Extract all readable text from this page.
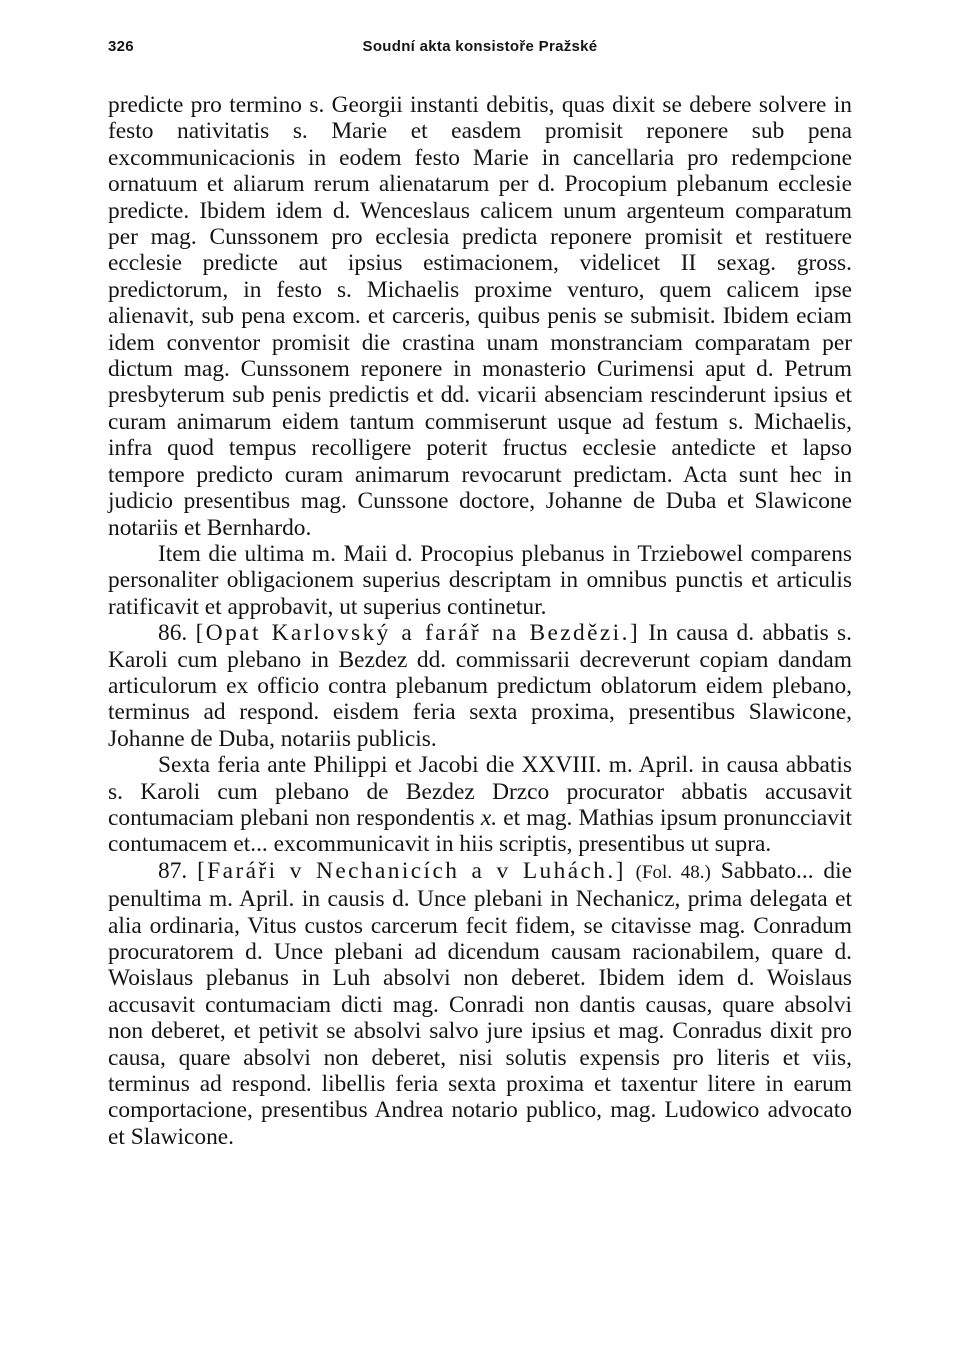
326	Soudní akta konsistoře Pražské

predicte pro termino s. Georgii instanti debitis, quas dixit se debere solvere in festo nativitatis s. Marie et easdem promisit reponere sub pena excommunicacionis in eodem festo Marie in cancellaria pro redempcione ornatuum et aliarum rerum alienatarum per d. Procopium plebanum ecclesie predicte. Ibidem idem d. Wenceslaus calicem unum argenteum comparatum per mag. Cunssonem pro ecclesia predicta reponere promisit et restituere ecclesie predicte aut ipsius estimacionem, videlicet II sexag. gross. predictorum, in festo s. Michaelis proxime venturo, quem calicem ipse alienavit, sub pena excom. et carceris, quibus penis se submisit. Ibidem eciam idem conventor promisit die crastina unam monstranciam comparatam per dictum mag. Cunssonem reponere in monasterio Curimensi aput d. Petrum presbyterum sub penis predictis et dd. vicarii absenciam rescinderunt ipsius et curam animarum eidem tantum commiserunt usque ad festum s. Michaelis, infra quod tempus recolligere poterit fructus ecclesie antedicte et lapso tempore predicto curam animarum revocarunt predictam. Acta sunt hec in judicio presentibus mag. Cunssone doctore, Johanne de Duba et Slawicone notariis et Bernhardo.

Item die ultima m. Maii d. Procopius plebanus in Trziebowel comparens personaliter obligacionem superius descriptam in omnibus punctis et articulis ratificavit et approbavit, ut superius continetur.

86. [Opat Karlovský a farář na Bezdězi.] In causa d. abbatis s. Karoli cum plebano in Bezdez dd. commissarii decreverunt copiam dandam articulorum ex officio contra plebanum predictum oblatorum eidem plebano, terminus ad respond. eisdem feria sexta proxima, presentibus Slawicone, Johanne de Duba, notariis publicis.

Sexta feria ante Philippi et Jacobi die XXVIII. m. April. in causa abbatis s. Karoli cum plebano de Bezdez Drzco procurator abbatis accusavit contumaciam plebani non respondentis x. et mag. Mathias ipsum pronuncciavit contumacem et... excommunicavit in hiis scriptis, presentibus ut supra.

87. [Faráři v Nechanicích a v Luhách.] (Fol. 48.) Sabbato... die penultima m. April. in causis d. Unce plebani in Nechanicz, prima delegata et alia ordinaria, Vitus custos carcerum fecit fidem, se citavisse mag. Conradum procuratorem d. Unce plebani ad dicendum causam racionabilem, quare d. Woislaus plebanus in Luh absolvi non deberet. Ibidem idem d. Woislaus accusavit contumaciam dicti mag. Conradi non dantis causas, quare absolvi non deberet, et petivit se absolvi salvo jure ipsius et mag. Conradus dixit pro causa, quare absolvi non deberet, nisi solutis expensis pro literis et viis, terminus ad respond. libellis feria sexta proxima et taxentur litere in earum comportacione, presentibus Andrea notario publico, mag. Ludowico advocato et Slawicone.
